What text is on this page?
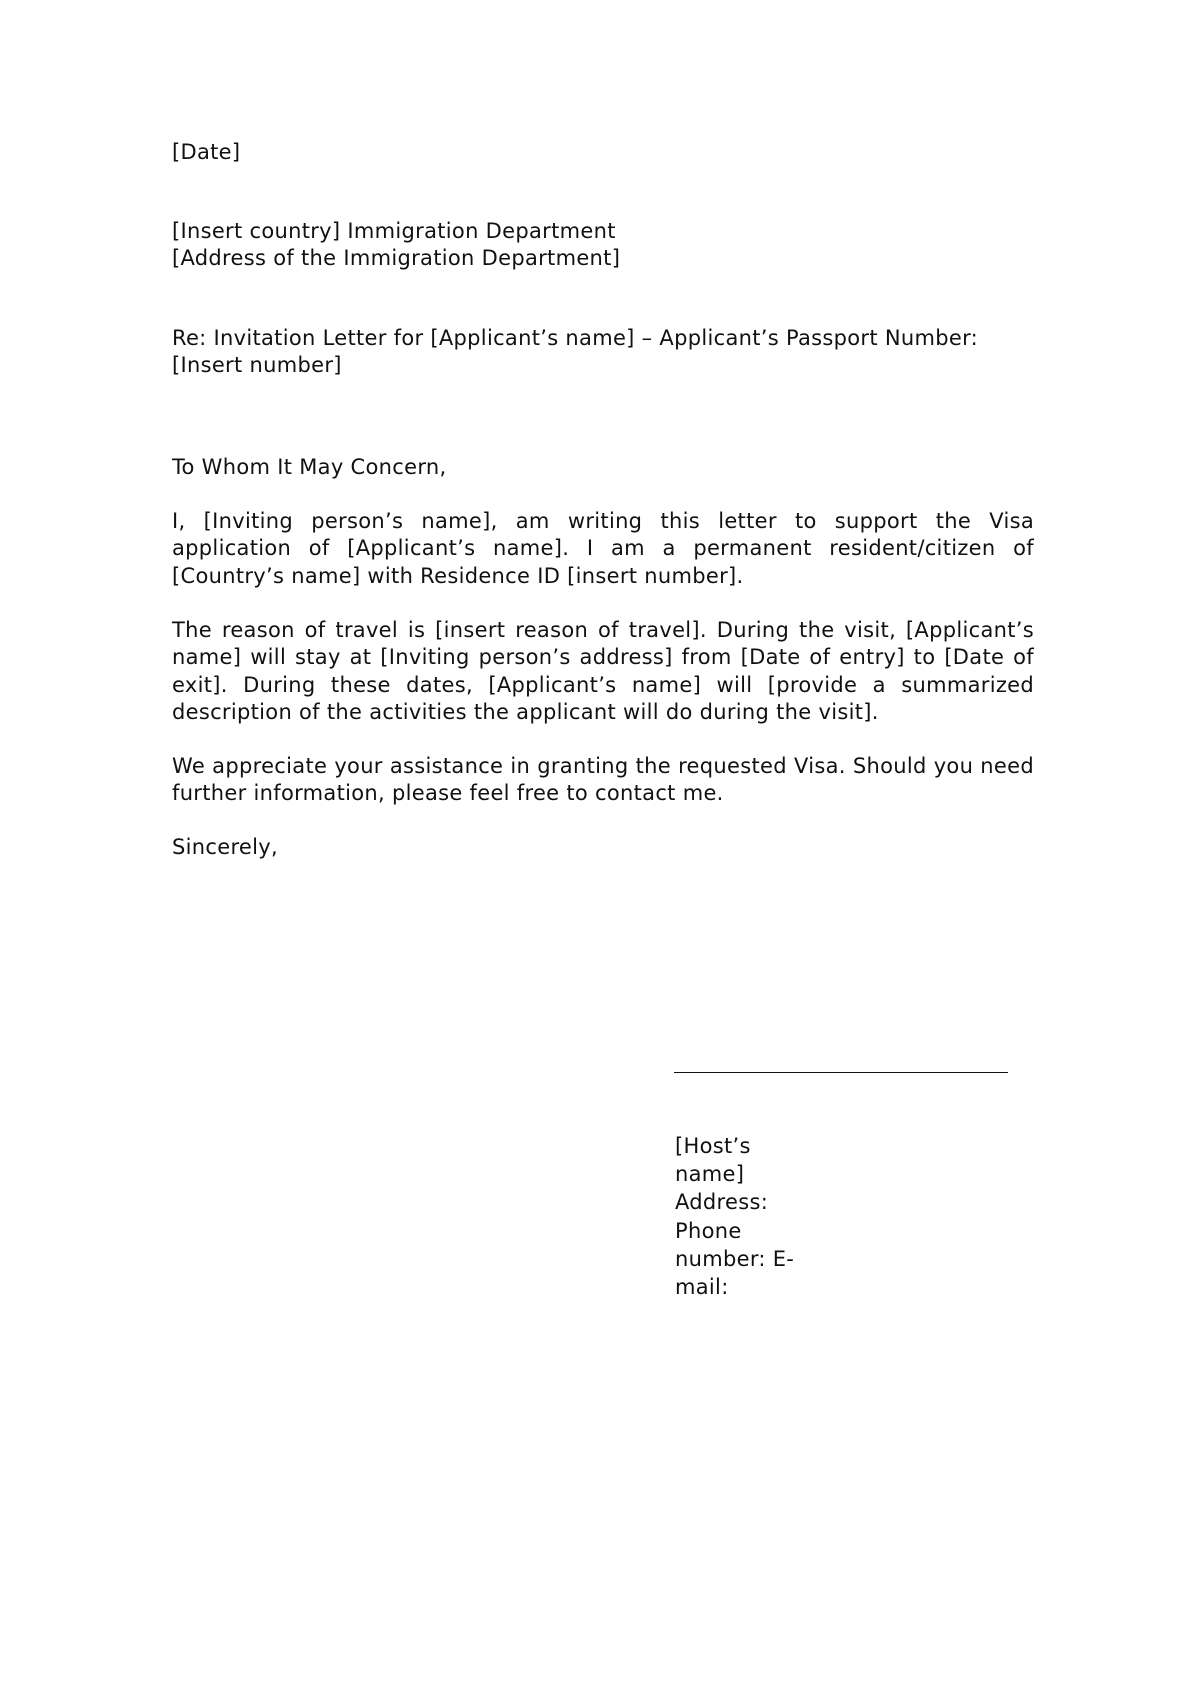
[Date]

[Insert country] Immigration Department
[Address of the Immigration Department]

Re: Invitation Letter for [Applicant’s name] – Applicant’s Passport Number: [Insert number]

To Whom It May Concern,

I, [Inviting person’s name], am writing this letter to support the Visa application of [Applicant’s name]. I am a permanent resident/citizen of [Country’s name] with Residence ID [insert number].

The reason of travel is [insert reason of travel]. During the visit, [Applicant’s name] will stay at [Inviting person’s address] from [Date of entry] to [Date of exit]. During these dates, [Applicant’s name] will [provide a summarized description of the activities the applicant will do during the visit].

We appreciate your assistance in granting the requested Visa. Should you need further information, please feel free to contact me.

Sincerely,

[Host’s name] Address: Phone number: E-mail:
